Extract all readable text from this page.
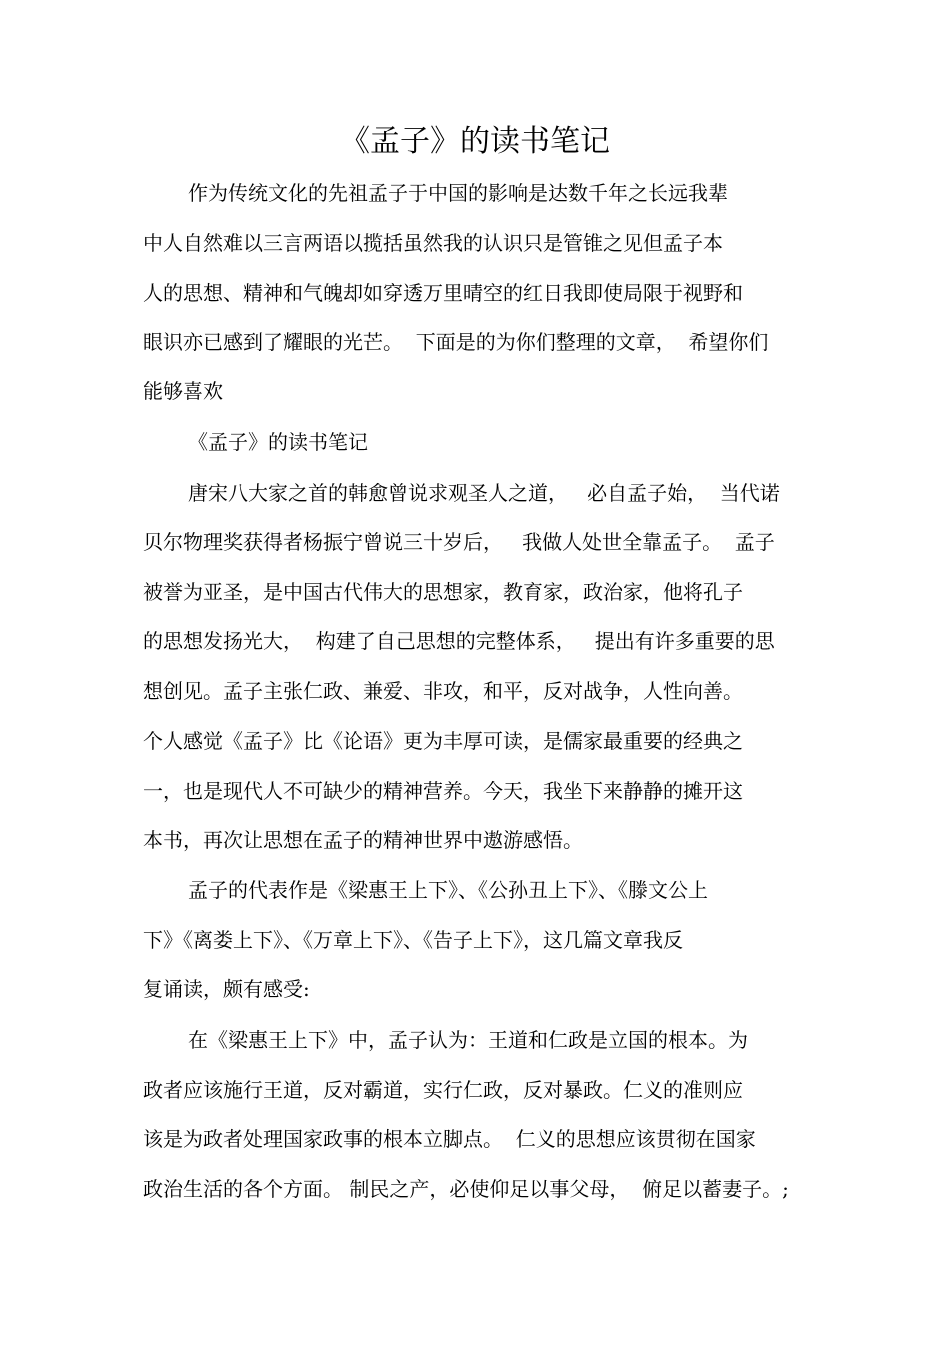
《孟子》的读书笔记
作为传统文化的先祖孟子于中国的影响是达数千年之长远我辈
中人自然难以三言两语以揽括虽然我的认识只是管锥之见但孟子本
人的思想、精神和气魄却如穿透万里晴空的红日我即使局限于视野和
眼识亦已感到了耀眼的光芒。  下面是的为你们整理的文章，  希望你们
能够喜欢
《孟子》的读书笔记
唐宋八大家之首的韩愈曾说求观圣人之道，   必自孟子始，  当代诺
贝尔物理奖获得者杨振宁曾说三十岁后，   我做人处世全靠孟子。  孟子
被誉为亚圣，是中国古代伟大的思想家，教育家，政治家，他将孔子
的思想发扬光大，  构建了自己思想的完整体系，   提出有许多重要的思
想创见。孟子主张仁政、兼爱、非攻，和平，反对战争，人性向善。
个人感觉《孟子》比《论语》更为丰厚可读，是儒家最重要的经典之
一，也是现代人不可缺少的精神营养。今天，我坐下来静静的摊开这
本书，再次让思想在孟子的精神世界中遨游感悟。
孟子的代表作是《梁惠王上下》、《公孙丑上下》、《滕文公上
下》《离娄上下》、《万章上下》、《告子上下》，这几篇文章我反
复诵读，颇有感受:
在《梁惠王上下》中，孟子认为：王道和仁政是立国的根本。为
政者应该施行王道，反对霸道，实行仁政，反对暴政。仁义的准则应
该是为政者处理国家政事的根本立脚点。  仁义的思想应该贯彻在国家
政治生活的各个方面。 制民之产，必使仰足以事父母，  俯足以蓄妻子。;
